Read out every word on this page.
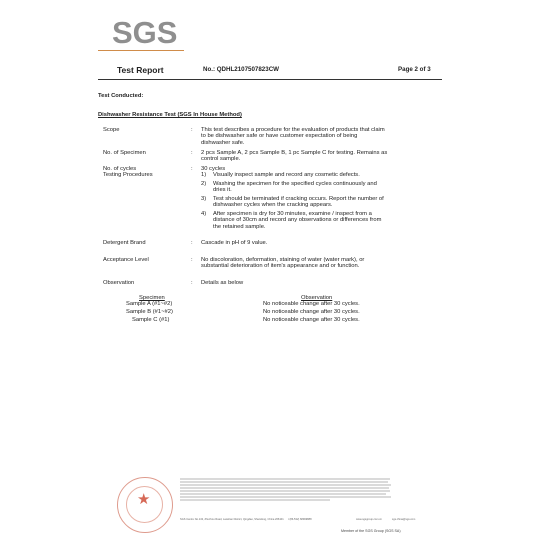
SGS
Test Report	No.: QDHL2107507823CW	Page 2 of 3
Test Conducted:
Dishwasher Resistance Test (SGS In House Method)
Scope	: This test describes a procedure for the evaluation of products that claim
to be dishwasher safe or have customer expectation of being
dishwasher safe.
No. of Specimen	: 2 pcs Sample A, 2 pcs Sample B, 1 pc Sample C for testing. Remains as
control sample.
No. of cycles	: 30 cycles
Testing Procedures	1) Visually inspect sample and record any cosmetic defects.
2) Washing the specimen for the specified cycles continuously and
dries it.
3) Test should be terminated if cracking occurs. Report the number of
dishwasher cycles when the cracking appears.
4) After specimen is dry for 30 minutes, examine / inspect from a
distance of 30cm and record any observations or differences from
the retained sample.
Detergent Brand	: Cascade in pH of 9 value.
Acceptance Level	: No discoloration, deformation, staining of water (water mark), or
substantial deterioration of item's appearance and or function.
Observation	: Details as below
Specimen	Observation
Sample A (#1~#2)	No noticeable change after 30 cycles.
Sample B (#1~#2)	No noticeable change after 30 cycles.
Sample C (#1)	No noticeable change after 30 cycles.
★
SGS Centre No.143, Zhuzhou Road, Laoshan District, Qingdao, Shandong, China 266101 t (86-532) 68999888	www.sgsgroup.com.cn	sgs.china@sgs.com
Member of the SGS Group (SGS SA)
